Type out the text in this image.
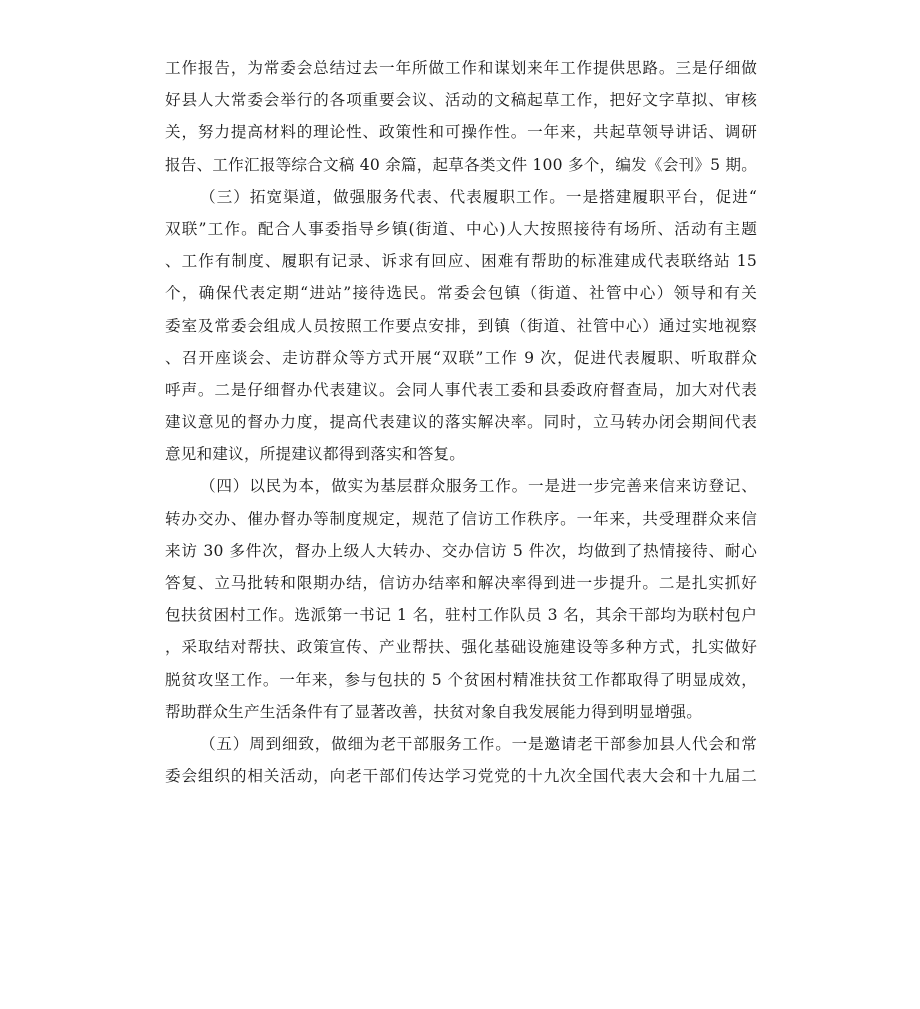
工作报告，为常委会总结过去一年所做工作和谋划来年工作提供思路。三是仔细做
好县人大常委会举行的各项重要会议、活动的文稿起草工作，把好文字草拟、审核
关，努力提高材料的理论性、政策性和可操作性。一年来，共起草领导讲话、调研
报告、工作汇报等综合文稿 40 余篇，起草各类文件 100 多个，编发《会刊》5 期。
（三）拓宽渠道，做强服务代表、代表履职工作。一是搭建履职平台，促进“
双联”工作。配合人事委指导乡镇(街道、中心)人大按照接待有场所、活动有主题
、工作有制度、履职有记录、诉求有回应、困难有帮助的标准建成代表联络站 15
个，确保代表定期“进站”接待选民。常委会包镇（街道、社管中心）领导和有关
委室及常委会组成人员按照工作要点安排，到镇（街道、社管中心）通过实地视察
、召开座谈会、走访群众等方式开展“双联”工作 9 次，促进代表履职、听取群众
呼声。二是仔细督办代表建议。会同人事代表工委和县委政府督查局，加大对代表
建议意见的督办力度，提高代表建议的落实解决率。同时，立马转办闭会期间代表
意见和建议，所提建议都得到落实和答复。
（四）以民为本，做实为基层群众服务工作。一是进一步完善来信来访登记、
转办交办、催办督办等制度规定，规范了信访工作秩序。一年来，共受理群众来信
来访 30 多件次，督办上级人大转办、交办信访 5 件次，均做到了热情接待、耐心
答复、立马批转和限期办结，信访办结率和解决率得到进一步提升。二是扎实抓好
包扶贫困村工作。选派第一书记 1 名，驻村工作队员 3 名，其余干部均为联村包户
，采取结对帮扶、政策宣传、产业帮扶、强化基础设施建设等多种方式，扎实做好
脱贫攻坚工作。一年来，参与包扶的 5 个贫困村精准扶贫工作都取得了明显成效，
帮助群众生产生活条件有了显著改善，扶贫对象自我发展能力得到明显增强。
（五）周到细致，做细为老干部服务工作。一是邀请老干部参加县人代会和常
委会组织的相关活动，向老干部们传达学习党党的十九次全国代表大会和十九届二
